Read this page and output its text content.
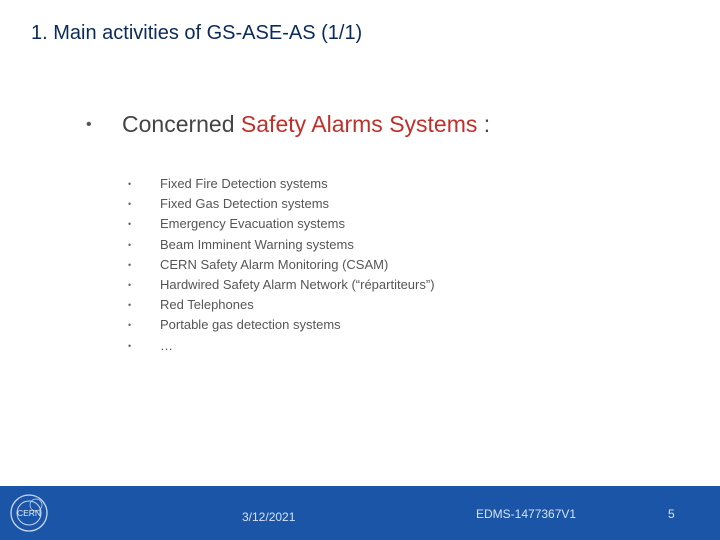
1. Main activities of GS-ASE-AS (1/1)
• Concerned Safety Alarms Systems :
•	Fixed Fire Detection systems
•	Fixed Gas Detection systems
•	Emergency Evacuation systems
•	Beam Imminent Warning systems
•	CERN Safety Alarm Monitoring (CSAM)
•	Hardwired Safety Alarm Network (“répartiteurs”)
•	Red Telephones
•	Portable gas detection systems
•	…
CERN	3/12/2021	EDMS-1477367V1	5
